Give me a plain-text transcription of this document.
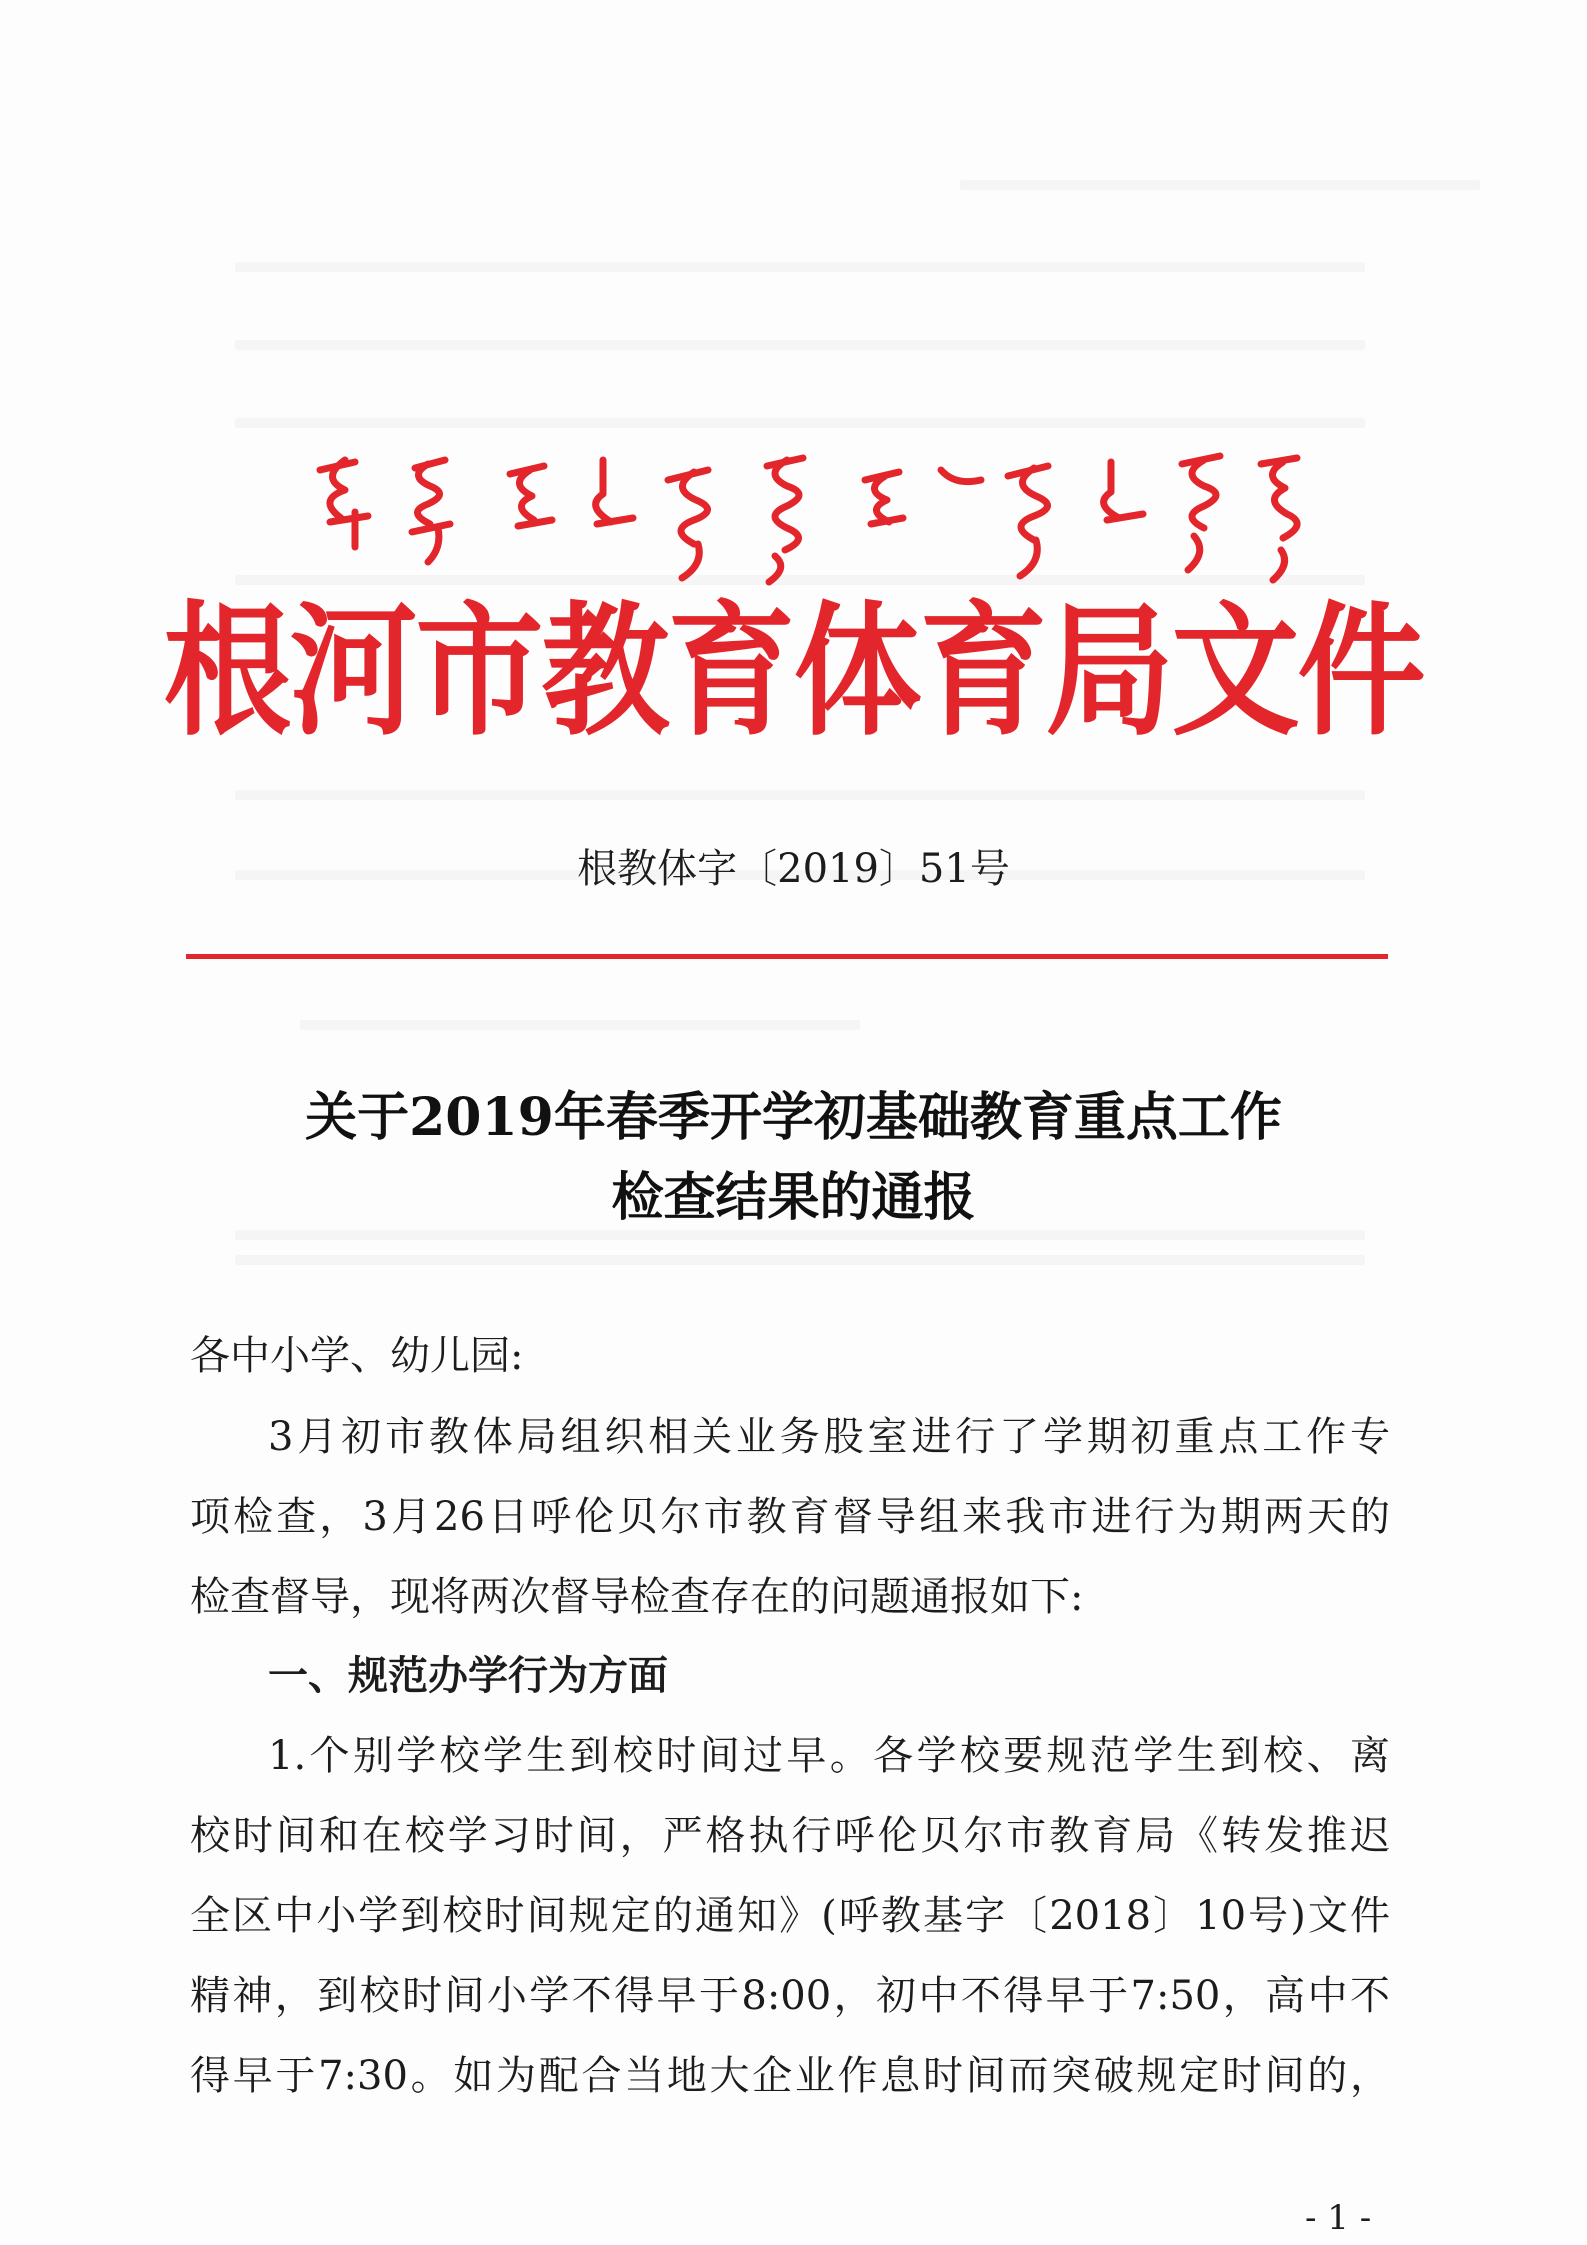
根河市教育体育局文件
根教体字〔2019〕51号
关于2019年春季开学初基础教育重点工作
检查结果的通报
各中小学、幼儿园:
3月初市教体局组织相关业务股室进行了学期初重点工作专
项检查，3月26日呼伦贝尔市教育督导组来我市进行为期两天的
检查督导，现将两次督导检查存在的问题通报如下:
一、规范办学行为方面
1.个别学校学生到校时间过早。各学校要规范学生到校、离
校时间和在校学习时间，严格执行呼伦贝尔市教育局《转发推迟
全区中小学到校时间规定的通知》(呼教基字〔2018〕10号)文件
精神，到校时间小学不得早于8:00，初中不得早于7:50，高中不
得早于7:30。如为配合当地大企业作息时间而突破规定时间的，
- 1 -
